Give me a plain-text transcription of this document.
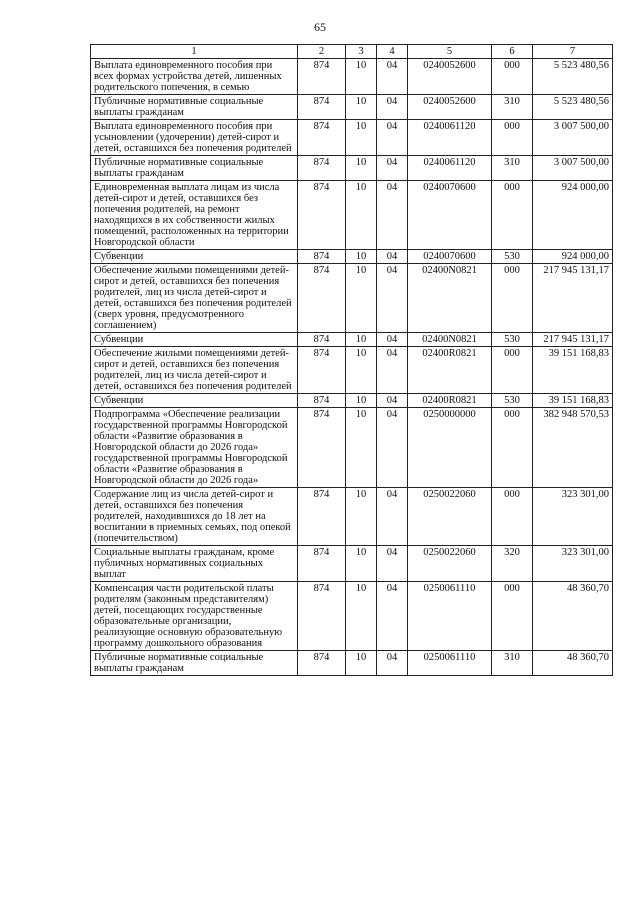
65
1	2	3	4	5	6	7
Выплата единовременного пособия при всех формах устройства детей, лишенных родительского попечения, в семью	874	10	04	0240052600	000	5 523 480,56
Публичные нормативные социальные выплаты гражданам	874	10	04	0240052600	310	5 523 480,56
Выплата единовременного пособия при усыновлении (удочерении) детей-сирот и детей, оставшихся без попечения родителей	874	10	04	0240061120	000	3 007 500,00
Публичные нормативные социальные выплаты гражданам	874	10	04	0240061120	310	3 007 500,00
Единовременная выплата лицам из числа детей-сирот и детей, оставшихся без попечения родителей, на ремонт находящихся в их собственности жилых помещений, расположенных на территории Новгородской области	874	10	04	0240070600	000	924 000,00
Субвенции	874	10	04	0240070600	530	924 000,00
Обеспечение жилыми помещениями детей-сирот и детей, оставшихся без попечения родителей, лиц из числа детей-сирот и детей, оставшихся без попечения родителей (сверх уровня, предусмотренного соглашением)	874	10	04	02400N0821	000	217 945 131,17
Субвенции	874	10	04	02400N0821	530	217 945 131,17
Обеспечение жилыми помещениями детей-сирот и детей, оставшихся без попечения родителей, лиц из числа детей-сирот и детей, оставшихся без попечения родителей	874	10	04	02400R0821	000	39 151 168,83
Субвенции	874	10	04	02400R0821	530	39 151 168,83
Подпрограмма «Обеспечение реализации государственной программы Новгородской области «Развитие образования в Новгородской области до 2026 года» государственной программы Новгородской области «Развитие образования в Новгородской области до 2026 года»	874	10	04	0250000000	000	382 948 570,53
Содержание лиц из числа детей-сирот и детей, оставшихся без попечения родителей, находившихся до 18 лет на воспитании в приемных семьях, под опекой (попечительством)	874	10	04	0250022060	000	323 301,00
Социальные выплаты гражданам, кроме публичных нормативных социальных выплат	874	10	04	0250022060	320	323 301,00
Компенсация части родительской платы родителям (законным представителям) детей, посещающих государственные образовательные организации, реализующие основную образовательную программу дошкольного образования	874	10	04	0250061110	000	48 360,70
Публичные нормативные социальные выплаты гражданам	874	10	04	0250061110	310	48 360,70
